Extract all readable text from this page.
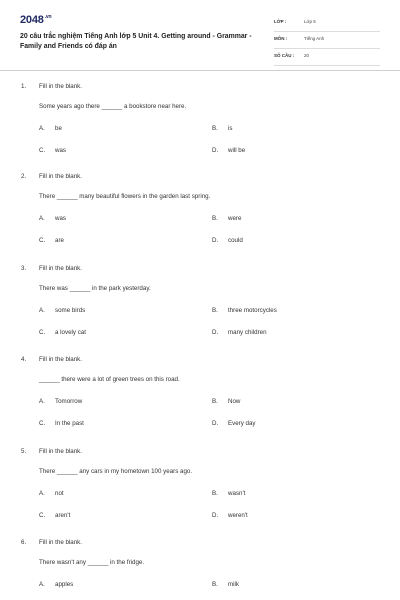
$2048^{.vn}$
20 câu trắc nghiệm Tiếng Anh lớp 5 Unit 4. Getting around - Grammar - Family and Friends có đáp án
LỚP :	Lớp 5
MÔN :	Tiếng Anh
SỐ CÂU : 20
1. Fill in the blank.
Some years ago there ______ a bookstore near here.
A. be	B. is
C. was	D. will be
2. Fill in the blank.
There ______ many beautiful flowers in the garden last spring.
A. was	B. were
C. are	D. could
3. Fill in the blank.
There was ______ in the park yesterday.
A. some birds	B. three motorcycles
C. a lovely cat	D. many children
4. Fill in the blank.
______ there were a lot of green trees on this road.
A. Tomorrow	B. Now
C. In the past	D. Every day
5. Fill in the blank.
There ______ any cars in my hometown 100 years ago.
A. not	B. wasn't
C. aren't	D. weren't
6. Fill in the blank.
There wasn't any ______ in the fridge.
A. apples	B. milk
